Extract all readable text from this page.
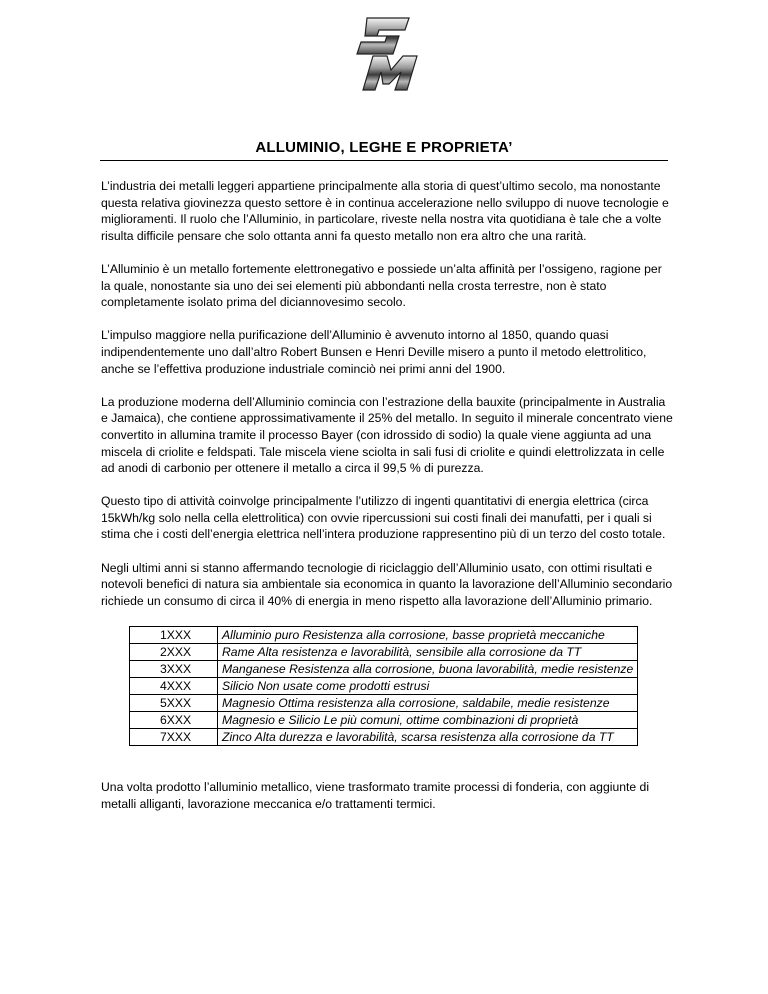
ALLUMINIO, LEGHE E PROPRIETA’

L’industria dei metalli leggeri appartiene principalmente alla storia di quest’ultimo secolo, ma nonostante questa relativa giovinezza questo settore è in continua accelerazione nello sviluppo di nuove tecnologie e miglioramenti. Il ruolo che l’Alluminio, in particolare, riveste nella nostra vita quotidiana è tale che a volte risulta difficile pensare che solo ottanta anni fa questo metallo non era altro che una rarità.

L’Alluminio è un metallo fortemente elettronegativo e possiede un’alta affinità per l’ossigeno, ragione per la quale, nonostante sia uno dei sei elementi più abbondanti nella crosta terrestre, non è stato completamente isolato prima del diciannovesimo secolo.

L’impulso maggiore nella purificazione dell’Alluminio è avvenuto intorno al 1850, quando quasi indipendentemente uno dall’altro Robert Bunsen e Henri Deville misero a punto il metodo elettrolitico, anche se l’effettiva produzione industriale cominciò nei primi anni del 1900.

La produzione moderna dell’Alluminio comincia con l’estrazione della bauxite (principalmente in Australia e Jamaica), che contiene approssimativamente il 25% del metallo. In seguito il minerale concentrato viene convertito in allumina tramite il processo Bayer (con idrossido di sodio) la quale viene aggiunta ad una miscela di criolite e feldspati. Tale miscela viene sciolta in sali fusi di criolite e quindi elettrolizzata in celle ad anodi di carbonio per ottenere il metallo a circa il 99,5 % di purezza.

Questo tipo di attività coinvolge principalmente l’utilizzo di ingenti quantitativi di energia elettrica (circa 15kWh/kg solo nella cella elettrolitica) con ovvie ripercussioni sui costi finali dei manufatti, per i quali si stima che i costi dell’energia elettrica nell’intera produzione rappresentino più di un terzo del costo totale.

Negli ultimi anni si stanno affermando tecnologie di riciclaggio dell’Alluminio usato, con ottimi risultati e notevoli benefici di natura sia ambientale sia economica in quanto la lavorazione dell’Alluminio secondario richiede un consumo di circa il 40% di energia in meno rispetto alla lavorazione dell’Alluminio primario.

1XXX	Alluminio puro Resistenza alla corrosione, basse proprietà meccaniche
2XXX	Rame Alta resistenza e lavorabilità, sensibile alla corrosione da TT
3XXX	Manganese Resistenza alla corrosione, buona lavorabilità, medie resistenze
4XXX	Silicio Non usate come prodotti estrusi
5XXX	Magnesio Ottima resistenza alla corrosione, saldabile, medie resistenze
6XXX	Magnesio e Silicio Le più comuni, ottime combinazioni di proprietà
7XXX	Zinco Alta durezza e lavorabilità, scarsa resistenza alla corrosione da TT

Una volta prodotto l’alluminio metallico, viene trasformato tramite processi di fonderia, con aggiunte di metalli alliganti, lavorazione meccanica e/o trattamenti termici.
